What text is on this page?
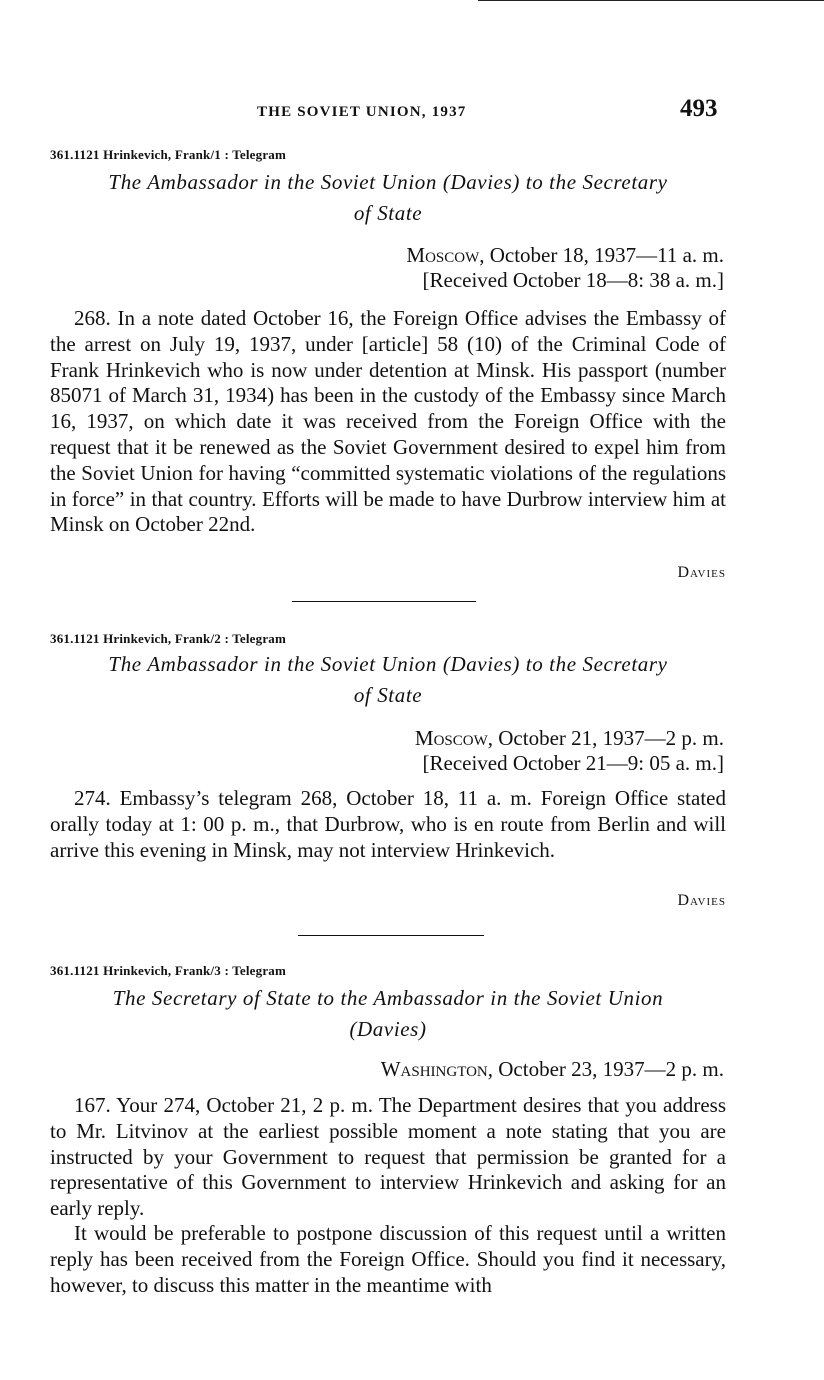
THE SOVIET UNION, 1937	493
361.1121 Hrinkevich, Frank/1 : Telegram
The Ambassador in the Soviet Union (Davies) to the Secretary
of State
Moscow, October 18, 1937—11 a. m.
[Received October 18—8: 38 a. m.]

268. In a note dated October 16, the Foreign Office advises the Embassy of the arrest on July 19, 1937, under [article] 58 (10) of the Criminal Code of Frank Hrinkevich who is now under detention at Minsk. His passport (number 85071 of March 31, 1934) has been in the custody of the Embassy since March 16, 1937, on which date it was received from the Foreign Office with the request that it be renewed as the Soviet Government desired to expel him from the Soviet Union for having “committed systematic violations of the regulations in force” in that country. Efforts will be made to have Durbrow interview him at Minsk on October 22nd.

Davies
361.1121 Hrinkevich, Frank/2 : Telegram
The Ambassador in the Soviet Union (Davies) to the Secretary
of State
Moscow, October 21, 1937—2 p. m.
[Received October 21—9: 05 a. m.]

274. Embassy’s telegram 268, October 18, 11 a. m. Foreign Office stated orally today at 1: 00 p. m., that Durbrow, who is en route from Berlin and will arrive this evening in Minsk, may not interview Hrinkevich.

Davies
361.1121 Hrinkevich, Frank/3 : Telegram
The Secretary of State to the Ambassador in the Soviet Union
(Davies)
Washington, October 23, 1937—2 p. m.

167. Your 274, October 21, 2 p. m. The Department desires that you address to Mr. Litvinov at the earliest possible moment a note stating that you are instructed by your Government to request that permission be granted for a representative of this Government to interview Hrinkevich and asking for an early reply.

It would be preferable to postpone discussion of this request until a written reply has been received from the Foreign Office. Should you find it necessary, however, to discuss this matter in the meantime with
